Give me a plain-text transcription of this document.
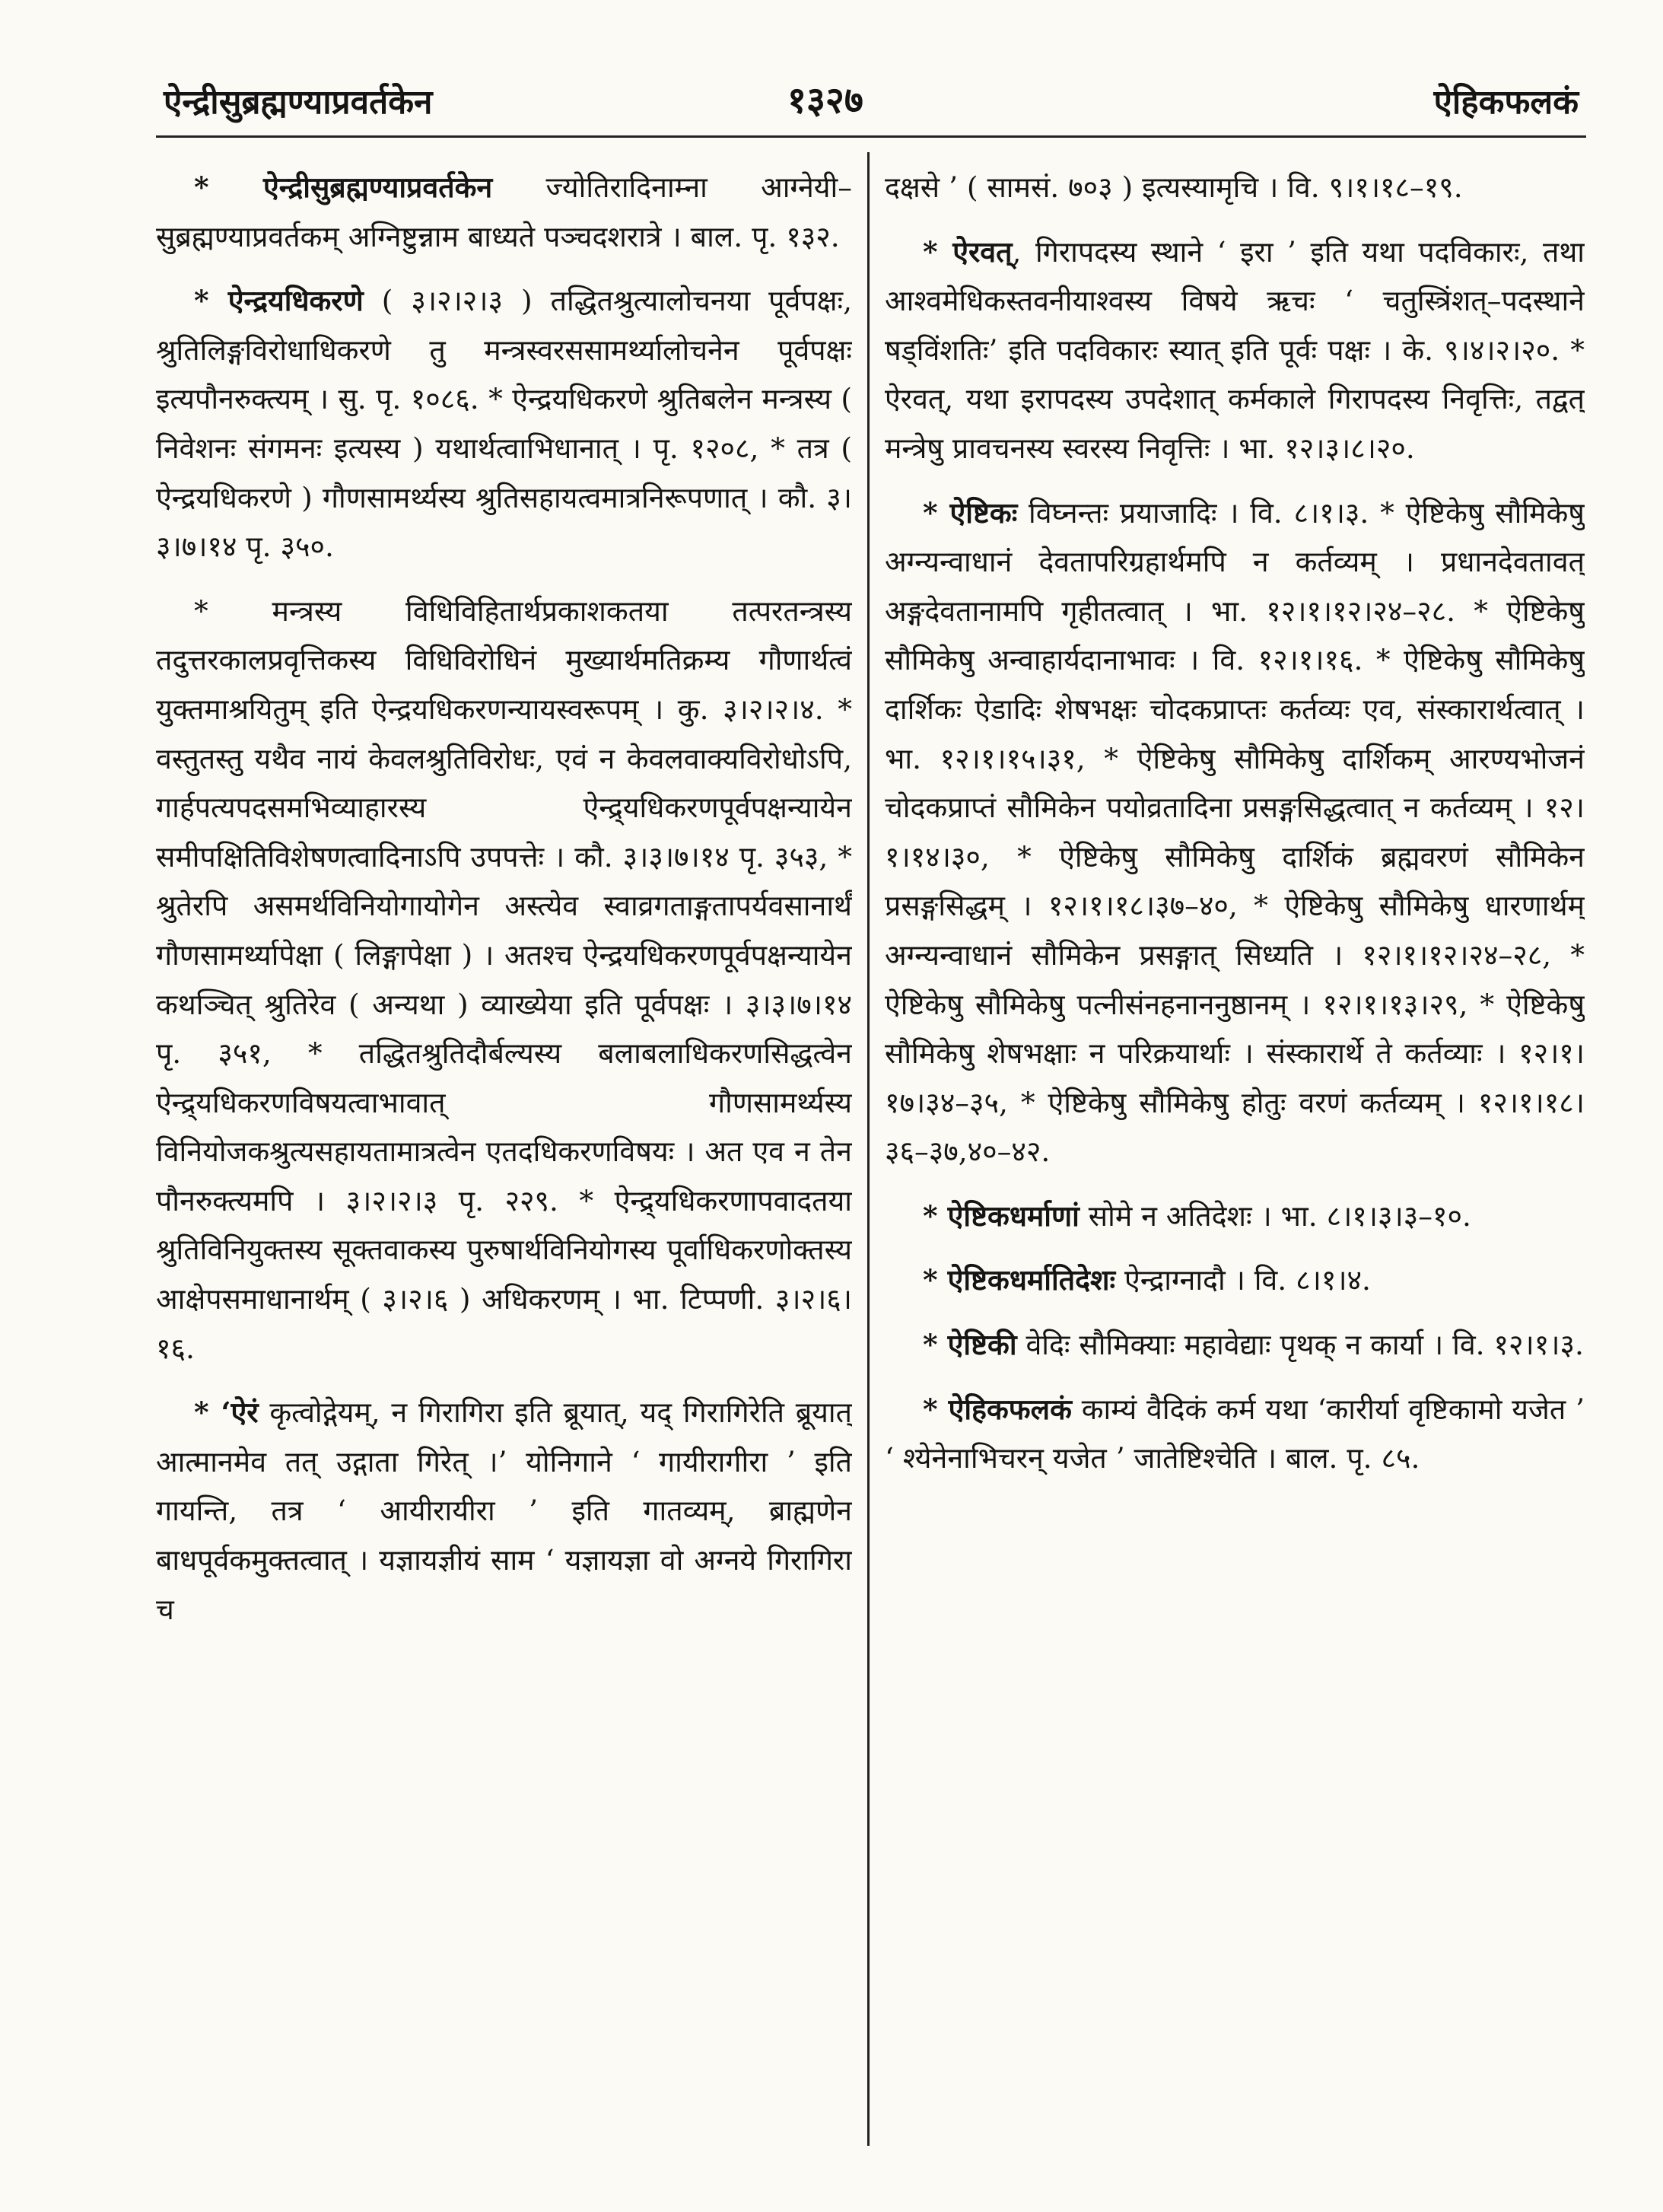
ऐन्द्रीसुब्रह्मण्याप्रवर्तकेन	१३२७	ऐहिकफलकं

* ऐन्द्रीसुब्रह्मण्याप्रवर्तकेन ज्योतिरादिनाम्ना आग्नेयी–सुब्रह्मण्याप्रवर्तकम् अग्निष्टुन्नाम बाध्यते पञ्चदशरात्रे । बाल. पृ. १३२.

* ऐन्द्रयधिकरणे ( ३।२।२।३ ) तद्धितश्रुत्यालोचनया पूर्वपक्षः, श्रुतिलिङ्गविरोधाधिकरणे तु मन्त्रस्वरससामर्थ्यालोचनेन पूर्वपक्षः इत्यपौनरुक्त्यम् । सु. पृ. १०८६. * ऐन्द्रयधिकरणे श्रुतिबलेन मन्त्रस्य ( निवेशनः संगमनः इत्यस्य ) यथार्थत्वाभिधानात् । पृ. १२०८, * तत्र ( ऐन्द्रयधिकरणे ) गौणसामर्थ्यस्य श्रुतिसहायत्वमात्रनिरूपणात् । कौ. ३।३।७।१४ पृ. ३५०.

* मन्त्रस्य विधिविहितार्थप्रकाशकतया तत्परतन्त्रस्य तदुत्तरकालप्रवृत्तिकस्य विधिविरोधिनं मुख्यार्थमतिक्रम्य गौणार्थत्वं युक्तमाश्रयितुम् इति ऐन्द्रयधिकरणन्यायस्वरूपम् । कु. ३।२।२।४. * वस्तुतस्तु यथैव नायं केवलश्रुतिविरोधः, एवं न केवलवाक्यविरोधोऽपि, गार्हपत्यपदसमभिव्याहारस्य ऐन्द्र्यधिकरणपूर्वपक्षन्यायेन समीपक्षितिविशेषणत्वादिनाऽपि उपपत्तेः । कौ. ३।३।७।१४ पृ. ३५३, * श्रुतेरपि असमर्थविनियोगायोगेन अस्त्येव स्वाव्रगताङ्गतापर्यवसानार्थं गौणसामर्थ्यापेक्षा ( लिङ्गापेक्षा ) । अतश्च ऐन्द्रयधिकरणपूर्वपक्षन्यायेन कथञ्चित् श्रुतिरेव ( अन्यथा ) व्याख्येया इति पूर्वपक्षः । ३।३।७।१४ पृ. ३५१, * तद्धितश्रुतिदौर्बल्यस्य बलाबलाधिकरणसिद्धत्वेन ऐन्द्र्यधिकरणविषयत्वाभावात् गौणसामर्थ्यस्य विनियोजकश्रुत्यसहायतामात्रत्वेन एतदधिकरणविषयः । अत एव न तेन पौनरुक्त्यमपि । ३।२।२।३ पृ. २२९. * ऐन्द्र्यधिकरणापवादतया श्रुतिविनियुक्तस्य सूक्तवाकस्य पुरुषार्थविनियोगस्य पूर्वाधिकरणोक्तस्य आक्षेपसमाधानार्थम् ( ३।२।६ ) अधिकरणम् । भा. टिप्पणी. ३।२।६।१६.

* ‘ऐरं कृत्वोद्गेयम्, न गिरागिरा इति ब्रूयात्, यद् गिरागिरेति ब्रूयात् आत्मानमेव तत् उद्गाता गिरेत् ।’ योनिगाने ‘ गायीरागीरा ’ इति गायन्ति, तत्र ‘ आयीरायीरा ’ इति गातव्यम्, ब्राह्मणेन बाधपूर्वकमुक्तत्वात् । यज्ञायज्ञीयं साम ‘ यज्ञायज्ञा वो अग्नये गिरागिरा च

दक्षसे ’ ( सामसं. ७०३ ) इत्यस्यामृचि । वि. ९।१।१८–१९.

* ऐरवत्, गिरापदस्य स्थाने ‘ इरा ’ इति यथा पदविकारः, तथा आश्वमेधिकस्तवनीयाश्वस्य विषये ऋचः ‘ चतुस्त्रिंशत्–पदस्थाने षड्विंशतिः’ इति पदविकारः स्यात् इति पूर्वः पक्षः । के. ९।४।२।२०. * ऐरवत्, यथा इरापदस्य उपदेशात् कर्मकाले गिरापदस्य निवृत्तिः, तद्वत् मन्त्रेषु प्रावचनस्य स्वरस्य निवृत्तिः । भा. १२।३।८।२०.

* ऐष्टिकः विघ्नन्तः प्रयाजादिः । वि. ८।१।३. * ऐष्टिकेषु सौमिकेषु अग्न्यन्वाधानं देवतापरिग्रहार्थमपि न कर्तव्यम् । प्रधानदेवतावत् अङ्गदेवतानामपि गृहीतत्वात् । भा. १२।१।१२।२४–२८. * ऐष्टिकेषु सौमिकेषु अन्वाहार्यदानाभावः । वि. १२।१।१६. * ऐष्टिकेषु सौमिकेषु दार्शिकः ऐडादिः शेषभक्षः चोदकप्राप्तः कर्तव्यः एव, संस्कारार्थत्वात् । भा. १२।१।१५।३१, * ऐष्टिकेषु सौमिकेषु दार्शिकम् आरण्यभोजनं चोदकप्राप्तं सौमिकेन पयोव्रतादिना प्रसङ्गसिद्धत्वात् न कर्तव्यम् । १२।१।१४।३०, * ऐष्टिकेषु सौमिकेषु दार्शिकं ब्रह्मवरणं सौमिकेन प्रसङ्गसिद्धम् । १२।१।१८।३७–४०, * ऐष्टिकेषु सौमिकेषु धारणार्थम् अग्न्यन्वाधानं सौमिकेन प्रसङ्गात् सिध्यति । १२।१।१२।२४–२८, * ऐष्टिकेषु सौमिकेषु पत्नीसंनहनाननुष्ठानम् । १२।१।१३।२९, * ऐष्टिकेषु सौमिकेषु शेषभक्षाः न परिक्रयार्थाः । संस्कारार्थे ते कर्तव्याः । १२।१।१७।३४–३५, * ऐष्टिकेषु सौमिकेषु होतुः वरणं कर्तव्यम् । १२।१।१८।३६–३७,४०–४२.

* ऐष्टिकधर्माणां सोमे न अतिदेशः । भा. ८।१।३।३–१०.

* ऐष्टिकधर्मातिदेशः ऐन्द्राग्नादौ । वि. ८।१।४.

* ऐष्टिकी वेदिः सौमिक्याः महावेद्याः पृथक् न कार्या । वि. १२।१।३.

* ऐहिकफलकं काम्यं वैदिकं कर्म यथा ‘कारीर्या वृष्टिकामो यजेत ’ ‘ श्येनेनाभिचरन् यजेत ’ जातेष्टिश्चेति । बाल. पृ. ८५.
